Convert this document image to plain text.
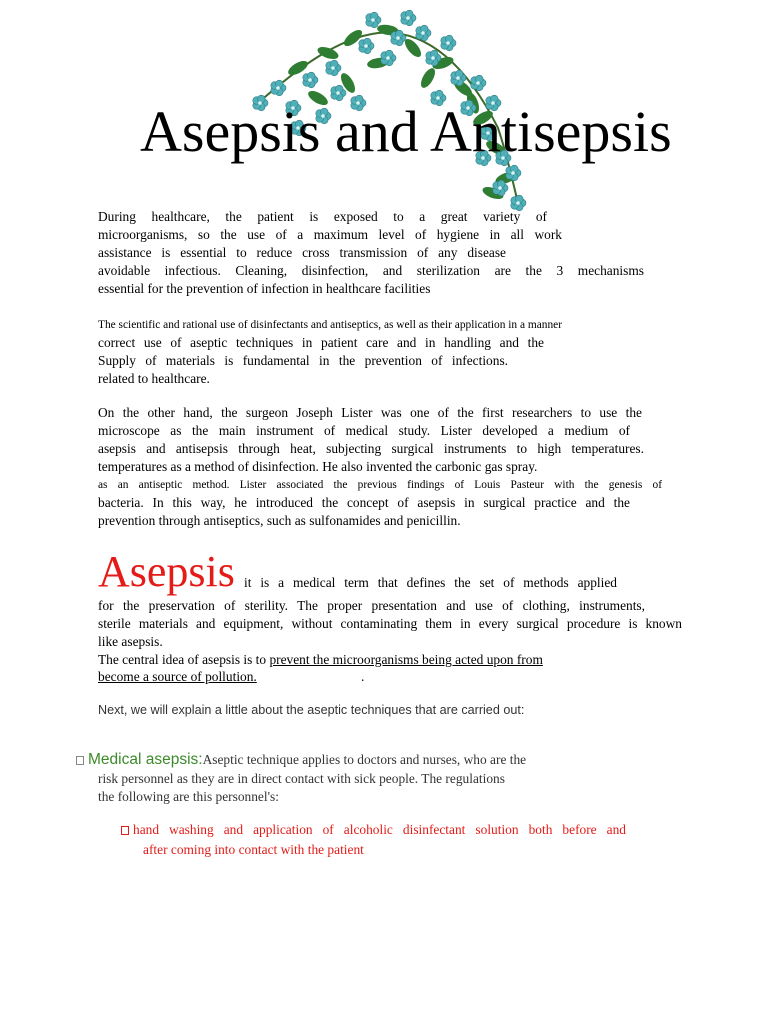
Asepsis and Antisepsis
During healthcare, the patient is exposed to a great variety of
microorganisms, so the use of a maximum level of hygiene in all work
assistance is essential to reduce cross transmission of any disease
avoidable infectious. Cleaning, disinfection, and sterilization are the 3 mechanisms
essential for the prevention of infection in healthcare facilities
The scientific and rational use of disinfectants and antiseptics, as well as their application in a manner
correct use of aseptic techniques in patient care and in handling and the
Supply of materials is fundamental in the prevention of infections.
related to healthcare.
On the other hand, the surgeon Joseph Lister was one of the first researchers to use the
microscope as the main instrument of medical study. Lister developed a medium of
asepsis and antisepsis through heat, subjecting surgical instruments to high temperatures.
temperatures as a method of disinfection. He also invented the carbonic gas spray.
as an antiseptic method. Lister associated the previous findings of Louis Pasteur with the genesis of
bacteria. In this way, he introduced the concept of asepsis in surgical practice and the
prevention through antiseptics, such as sulfonamides and penicillin.
Asepsis it is a medical term that defines the set of methods applied
for the preservation of sterility. The proper presentation and use of clothing, instruments,
sterile materials and equipment, without contaminating them in every surgical procedure is known
like asepsis.
The central idea of asepsis is to prevent the microorganisms being acted upon from
become a source of pollution.	.
Next, we will explain a little about the aseptic techniques that are carried out:
Medical asepsis:Aseptic technique applies to doctors and nurses, who are the
risk personnel as they are in direct contact with sick people. The regulations
the following are this personnel's:
hand washing and application of alcoholic disinfectant solution both before and
after coming into contact with the patient
